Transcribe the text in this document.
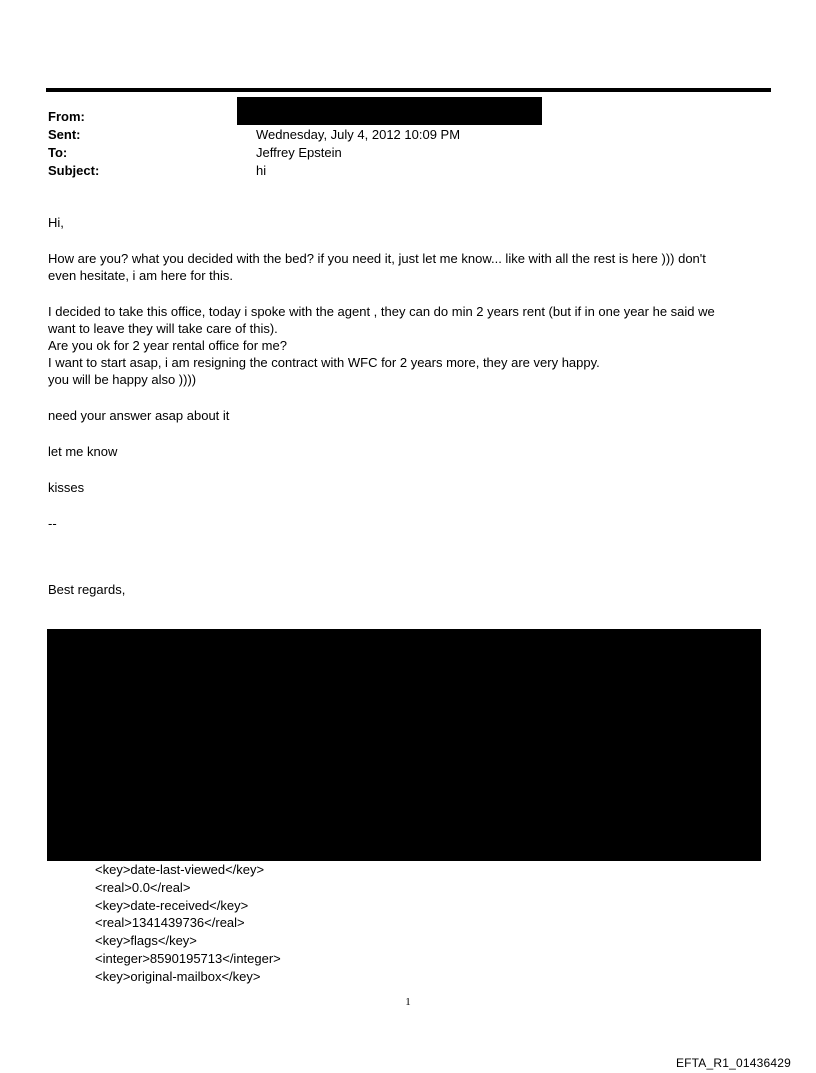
From:
Sent:	Wednesday, July 4, 2012 10:09 PM
To:	Jeffrey Epstein
Subject:	hi

Hi,

How are you? what you decided with the bed? if you need it, just let me know... like with all the rest is here ))) don't
even hesitate, i am here for this.

I decided to take this office, today i spoke with the agent , they can do min 2 years rent (but if in one year he said we
want to leave they will take care of this).
Are you ok for 2 year rental office for me?
I want to start asap, i am resigning the contract with WFC for 2 years more, they are very happy.
you will be happy also ))))

need your answer asap about it

let me know

kisses

--

Best regards,

<key>date-last-viewed</key>
<real>0.0</real>
<key>date-received</key>
<real>1341439736</real>
<key>flags</key>
<integer>8590195713</integer>
<key>original-mailbox</key>
1
EFTA_R1_01436429
